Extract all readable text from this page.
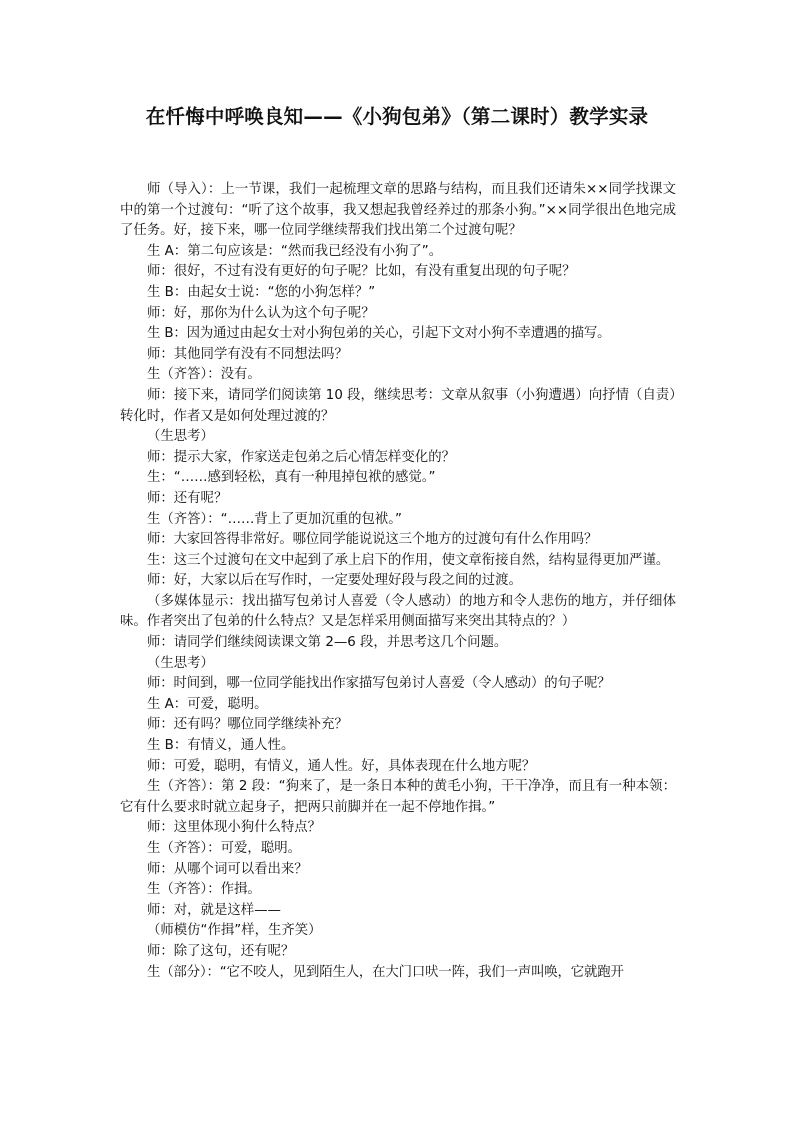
在忏悔中呼唤良知——《小狗包弟》（第二课时）教学实录

师（导入）：上一节课，我们一起梳理文章的思路与结构，而且我们还请朱××同学找课文中的第一个过渡句：“听了这个故事，我又想起我曾经养过的那条小狗。”××同学很出色地完成了任务。好，接下来，哪一位同学继续帮我们找出第二个过渡句呢？

生 A：第二句应该是：“然而我已经没有小狗了”。

师：很好，不过有没有更好的句子呢？比如，有没有重复出现的句子呢？

生 B：由起女士说：“您的小狗怎样？”

师：好，那你为什么认为这个句子呢？

生 B：因为通过由起女士对小狗包弟的关心，引起下文对小狗不幸遭遇的描写。

师：其他同学有没有不同想法吗？

生（齐答）：没有。

师：接下来，请同学们阅读第 10 段，继续思考：文章从叙事（小狗遭遇）向抒情（自责）转化时，作者又是如何处理过渡的？

（生思考）

师：提示大家，作家送走包弟之后心情怎样变化的？

生：“……感到轻松，真有一种甩掉包袱的感觉。”

师：还有呢？

生（齐答）：“……背上了更加沉重的包袱。”

师：大家回答得非常好。哪位同学能说说这三个地方的过渡句有什么作用吗？

生：这三个过渡句在文中起到了承上启下的作用，使文章衔接自然，结构显得更加严谨。

师：好，大家以后在写作时，一定要处理好段与段之间的过渡。

（多媒体显示：找出描写包弟讨人喜爱（令人感动）的地方和令人悲伤的地方，并仔细体味。作者突出了包弟的什么特点？又是怎样采用侧面描写来突出其特点的？）

师：请同学们继续阅读课文第 2—6 段，并思考这几个问题。

（生思考）

师：时间到，哪一位同学能找出作家描写包弟讨人喜爱（令人感动）的句子呢？

生 A：可爱，聪明。

师：还有吗？哪位同学继续补充？

生 B：有情义，通人性。

师：可爱，聪明，有情义，通人性。好，具体表现在什么地方呢？

生（齐答）：第 2 段：“狗来了，是一条日本种的黄毛小狗，干干净净，而且有一种本领：它有什么要求时就立起身子，把两只前脚并在一起不停地作揖。”

师：这里体现小狗什么特点？

生（齐答）：可爱，聪明。

师：从哪个词可以看出来？

生（齐答）：作揖。

师：对，就是这样——

（师模仿“作揖”样，生齐笑）

师：除了这句，还有呢？

生（部分）：“它不咬人，见到陌生人，在大门口吠一阵，我们一声叫唤，它就跑开
